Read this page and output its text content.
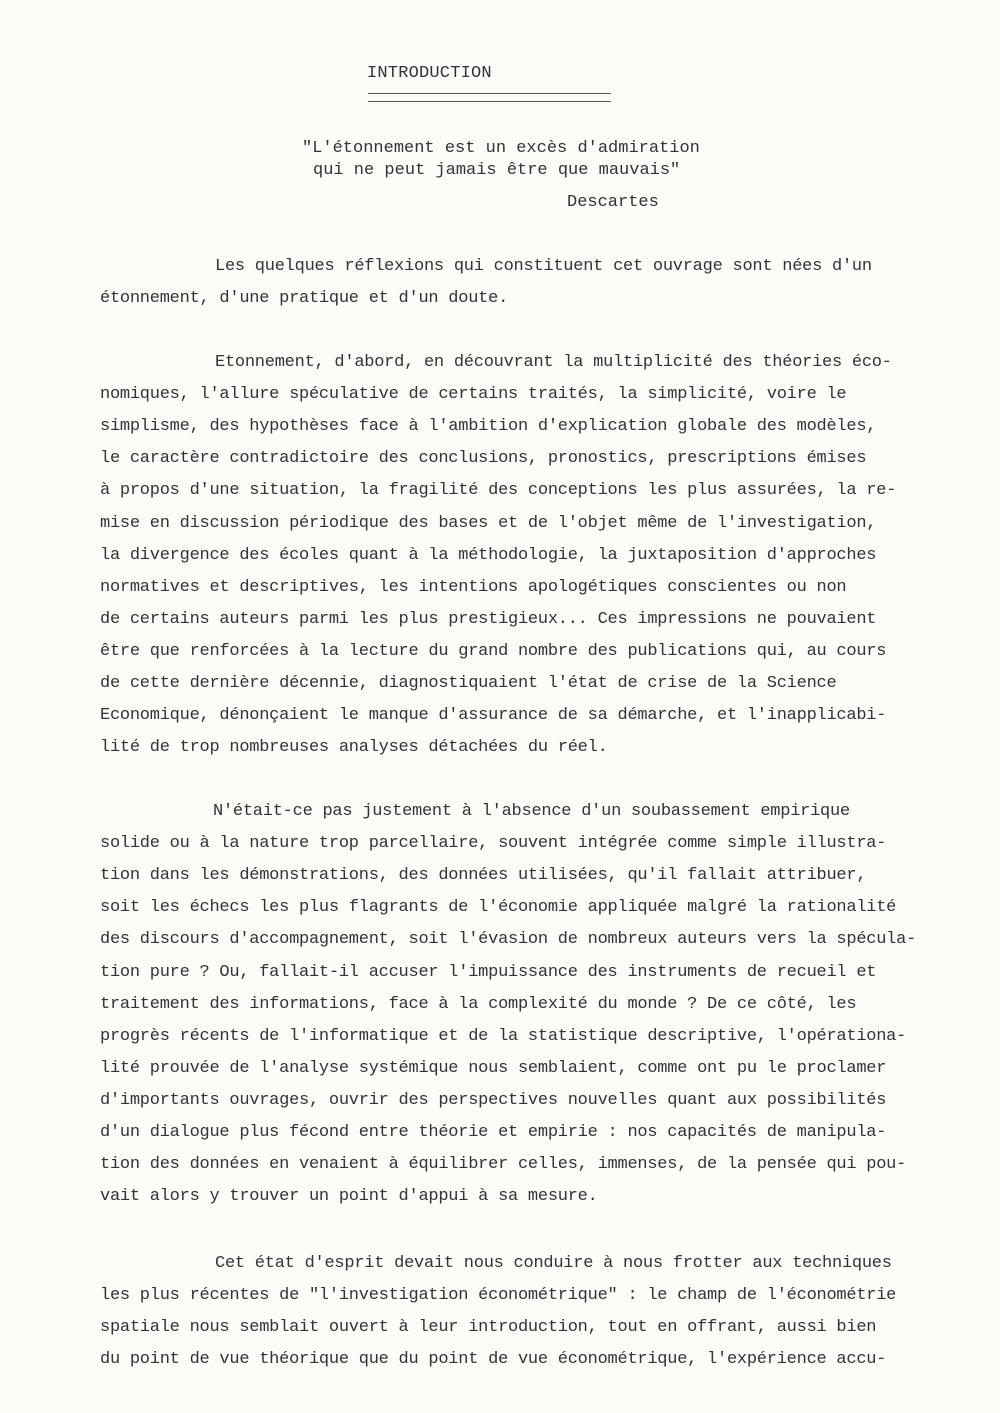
INTRODUCTION
"L'étonnement est un excès d'admiration
qui ne peut jamais être que mauvais"
Descartes
Les quelques réflexions qui constituent cet ouvrage sont nées d'un
étonnement, d'une pratique et d'un doute.
Etonnement, d'abord, en découvrant la multiplicité des théories éco-
nomiques, l'allure spéculative de certains traités, la simplicité, voire le
simplisme, des hypothèses face à l'ambition d'explication globale des modèles,
le caractère contradictoire des conclusions, pronostics, prescriptions émises
à propos d'une situation, la fragilité des conceptions les plus assurées, la re-
mise en discussion périodique des bases et de l'objet même de l'investigation,
la divergence des écoles quant à la méthodologie, la juxtaposition d'approches
normatives et descriptives, les intentions apologétiques conscientes ou non
de certains auteurs parmi les plus prestigieux... Ces impressions ne pouvaient
être que renforcées à la lecture du grand nombre des publications qui, au cours
de cette dernière décennie, diagnostiquaient l'état de crise de la Science
Economique, dénonçaient le manque d'assurance de sa démarche, et l'inapplicabi-
lité de trop nombreuses analyses détachées du réel.
N'était-ce pas justement à l'absence d'un soubassement empirique
solide ou à la nature trop parcellaire, souvent intégrée comme simple illustra-
tion dans les démonstrations, des données utilisées, qu'il fallait attribuer,
soit les échecs les plus flagrants de l'économie appliquée malgré la rationalité
des discours d'accompagnement, soit l'évasion de nombreux auteurs vers la spécula-
tion pure ? Ou, fallait-il accuser l'impuissance des instruments de recueil et
traitement des informations, face à la complexité du monde ? De ce côté, les
progrès récents de l'informatique et de la statistique descriptive, l'opérationa-
lité prouvée de l'analyse systémique nous semblaient, comme ont pu le proclamer
d'importants ouvrages, ouvrir des perspectives nouvelles quant aux possibilités
d'un dialogue plus fécond entre théorie et empirie : nos capacités de manipula-
tion des données en venaient à équilibrer celles, immenses, de la pensée qui pou-
vait alors y trouver un point d'appui à sa mesure.
Cet état d'esprit devait nous conduire à nous frotter aux techniques
les plus récentes de "l'investigation économétrique" : le champ de l'économétrie
spatiale nous semblait ouvert à leur introduction, tout en offrant, aussi bien
du point de vue théorique que du point de vue économétrique, l'expérience accu-
